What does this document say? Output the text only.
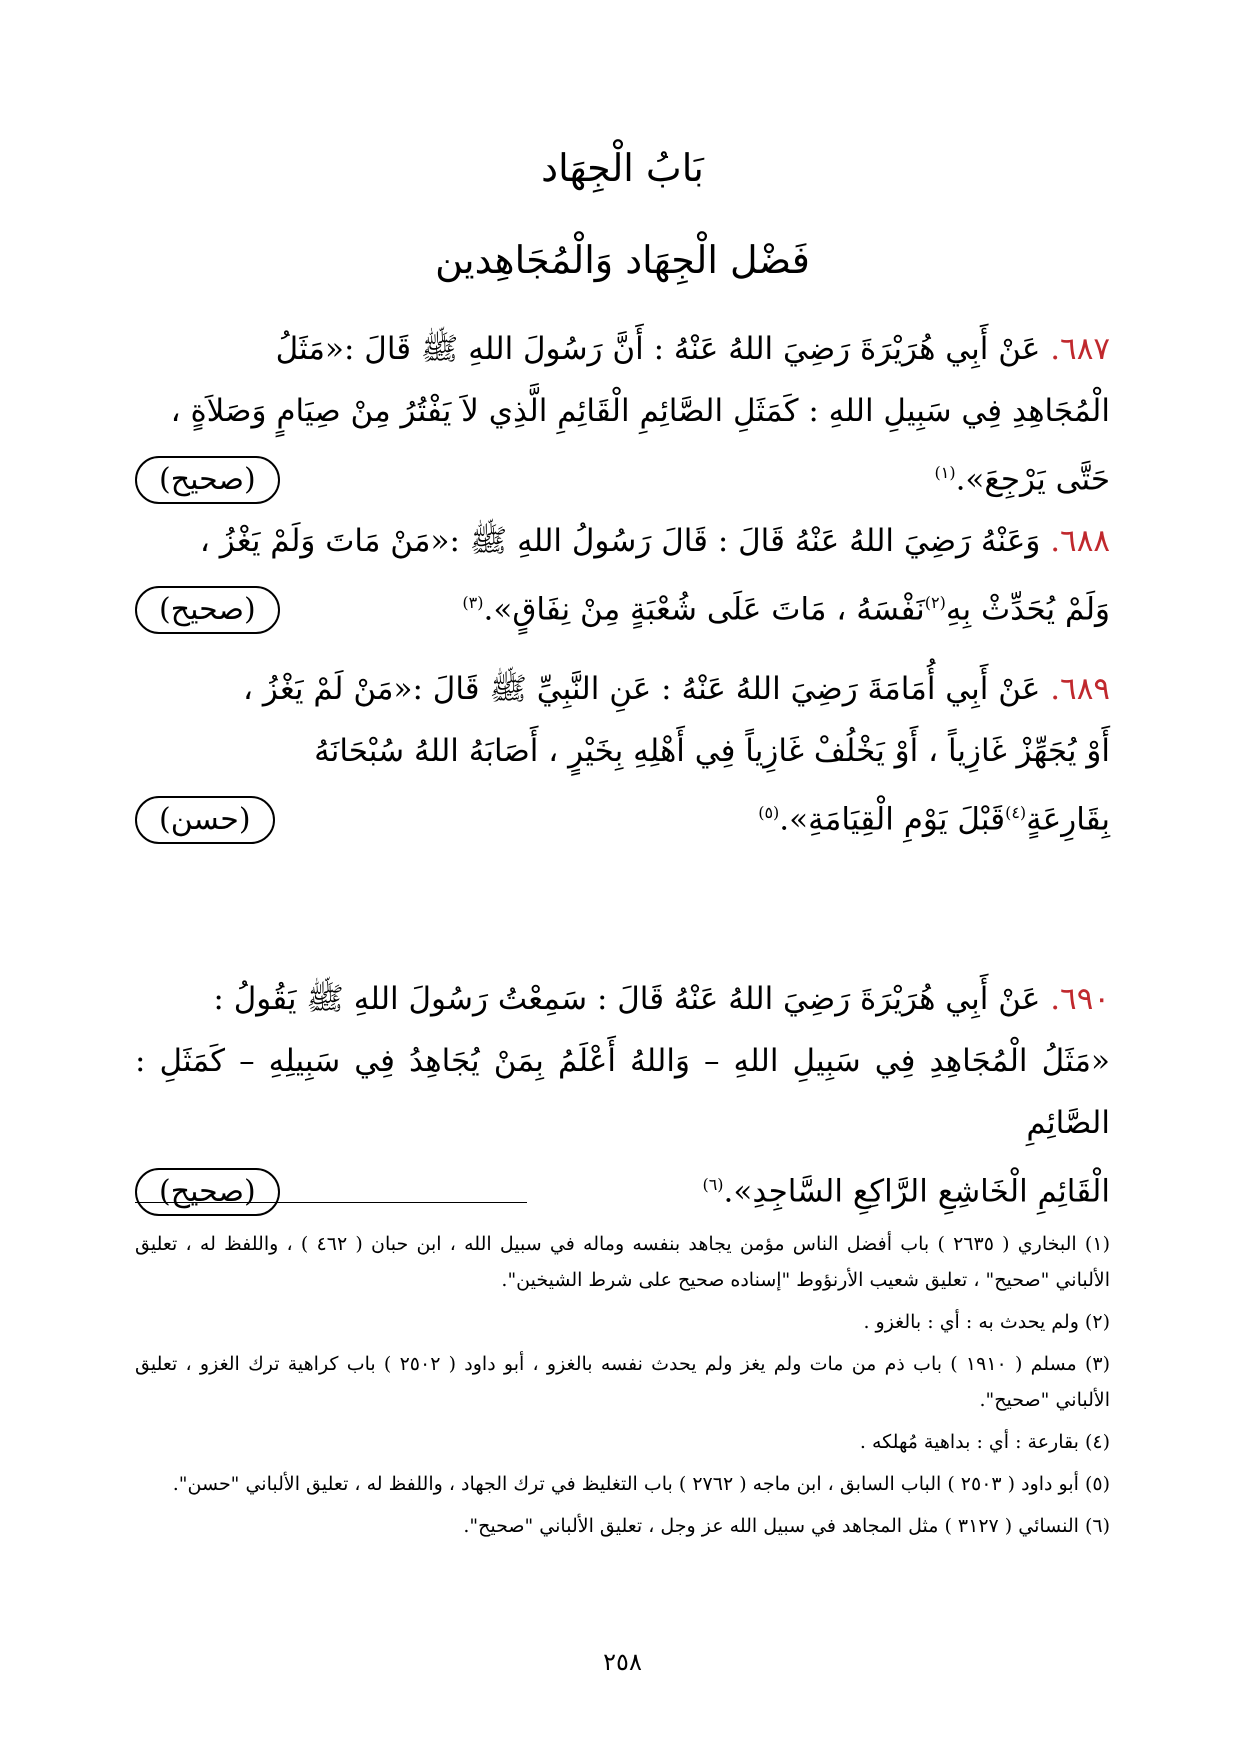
بَابُ الْجِهَاد
فَضْل الْجِهَاد وَالْمُجَاهِدين
٦٨٧. عَنْ أَبِي هُرَيْرَةَ رَضِيَ اللهُ عَنْهُ : أَنَّ رَسُولَ اللهِ ﷺ قَالَ :«مَثَلُ
الْمُجَاهِدِ فِي سَبِيلِ اللهِ : كَمَثَلِ الصَّائِمِ الْقَائِمِ الَّذِي لاَ يَفْتُرُ مِنْ صِيَامٍ وَصَلاَةٍ ،
حَتَّى يَرْجِعَ».$^{(١)}$
(صحيح)
٦٨٨. وَعَنْهُ رَضِيَ اللهُ عَنْهُ قَالَ : قَالَ رَسُولُ اللهِ ﷺ :«مَنْ مَاتَ وَلَمْ يَغْزُ ،
وَلَمْ يُحَدِّثْ بِهِ$^{(٢)}$نَفْسَهُ ، مَاتَ عَلَى شُعْبَةٍ مِنْ نِفَاقٍ».$^{(٣)}$
(صحيح)
٦٨٩. عَنْ أَبِي أُمَامَةَ رَضِيَ اللهُ عَنْهُ : عَنِ النَّبِيِّ ﷺ قَالَ :«مَنْ لَمْ يَغْزُ ،
أَوْ يُجَهِّزْ غَازِياً ، أَوْ يَخْلُفْ غَازِياً فِي أَهْلِهِ بِخَيْرٍ ، أَصَابَهُ اللهُ سُبْحَانَهُ
بِقَارِعَةٍ$^{(٤)}$قَبْلَ يَوْمِ الْقِيَامَةِ».$^{(٥)}$
(حسن)
٦٩٠. عَنْ أَبِي هُرَيْرَةَ رَضِيَ اللهُ عَنْهُ قَالَ : سَمِعْتُ رَسُولَ اللهِ ﷺ يَقُولُ :
«مَثَلُ الْمُجَاهِدِ فِي سَبِيلِ اللهِ – وَاللهُ أَعْلَمُ بِمَنْ يُجَاهِدُ فِي سَبِيلِهِ – كَمَثَلِ : الصَّائِمِ
الْقَائِمِ الْخَاشِعِ الرَّاكِعِ السَّاجِدِ».$^{(٦)}$
(صحيح)

(١) البخاري ( ٢٦٣٥ ) باب أفضل الناس مؤمن يجاهد بنفسه وماله في سبيل الله ، ابن حبان ( ٤٦٢ ) ، واللفظ له ، تعليق الألباني "صحيح" ، تعليق شعيب الأرنؤوط "إسناده صحيح على شرط الشيخين".

(٢) ولم يحدث به : أي : بالغزو .

(٣) مسلم ( ١٩١٠ ) باب ذم من مات ولم يغز ولم يحدث نفسه بالغزو ، أبو داود ( ٢٥٠٢ ) باب كراهية ترك الغزو ، تعليق الألباني "صحيح".

(٤) بقارعة : أي : بداهية مُهلكه .

(٥) أبو داود ( ٢٥٠٣ ) الباب السابق ، ابن ماجه ( ٢٧٦٢ ) باب التغليظ في ترك الجهاد ، واللفظ له ، تعليق الألباني "حسن".

(٦) النسائي ( ٣١٢٧ ) مثل المجاهد في سبيل الله عز وجل ، تعليق الألباني "صحيح".

٢٥٨
